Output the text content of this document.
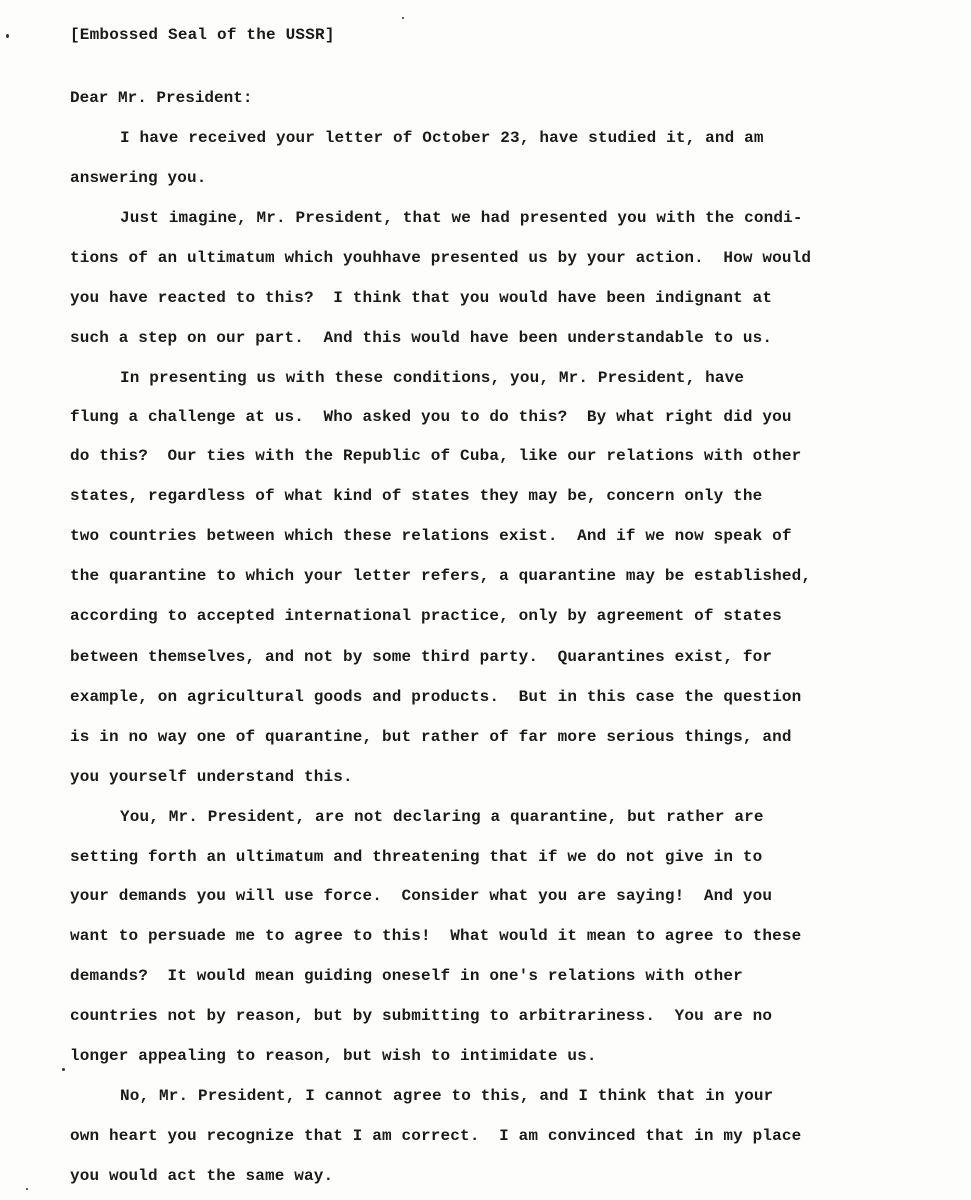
[Embossed Seal of the USSR]
Dear Mr. President:
I have received your letter of October 23, have studied it, and am
answering you.
Just imagine, Mr. President, that we had presented you with the condi-
tions of an ultimatum which youhhave presented us by your action.  How would
you have reacted to this?  I think that you would have been indignant at
such a step on our part.  And this would have been understandable to us.
In presenting us with these conditions, you, Mr. President, have
flung a challenge at us.  Who asked you to do this?  By what right did you
do this?  Our ties with the Republic of Cuba, like our relations with other
states, regardless of what kind of states they may be, concern only the
two countries between which these relations exist.  And if we now speak of
the quarantine to which your letter refers, a quarantine may be established,
according to accepted international practice, only by agreement of states
between themselves, and not by some third party.  Quarantines exist, for
example, on agricultural goods and products.  But in this case the question
is in no way one of quarantine, but rather of far more serious things, and
you yourself understand this.
You, Mr. President, are not declaring a quarantine, but rather are
setting forth an ultimatum and threatening that if we do not give in to
your demands you will use force.  Consider what you are saying!  And you
want to persuade me to agree to this!  What would it mean to agree to these
demands?  It would mean guiding oneself in one's relations with other
countries not by reason, but by submitting to arbitrariness.  You are no
longer appealing to reason, but wish to intimidate us.
No, Mr. President, I cannot agree to this, and I think that in your
own heart you recognize that I am correct.  I am convinced that in my place
you would act the same way.
